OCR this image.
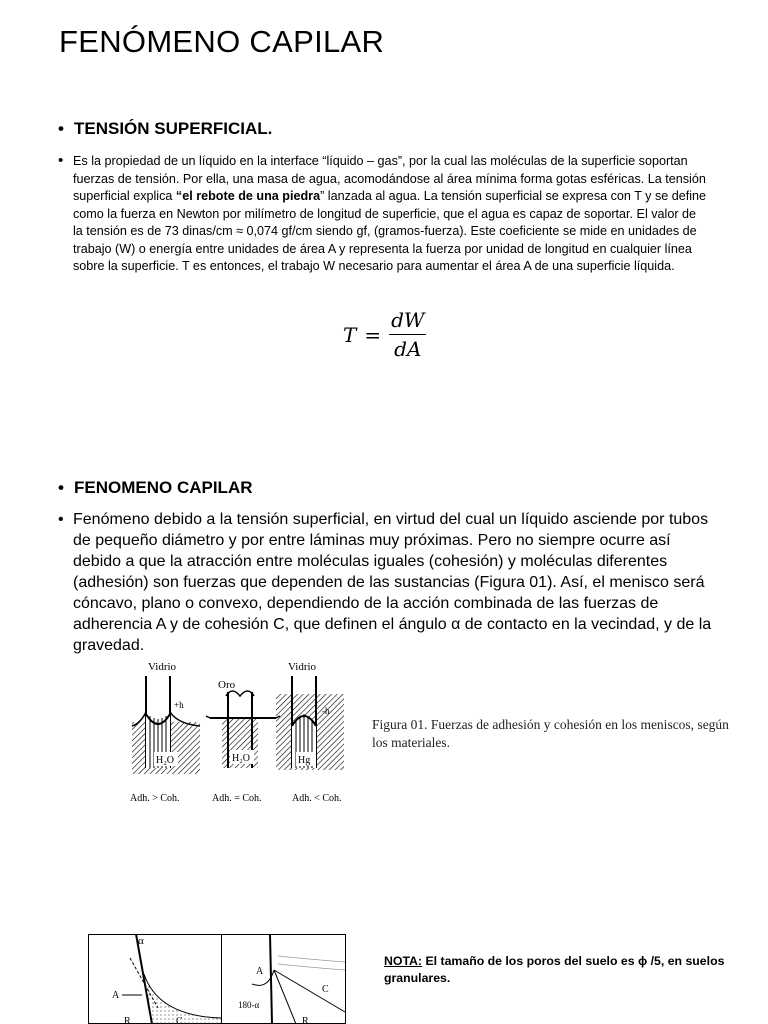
FENÓMENO CAPILAR
• TENSIÓN SUPERFICIAL.
• Es la propiedad de un líquido en la interface “líquido – gas”, por la cual las moléculas de la superficie soportan fuerzas de tensión. Por ella, una masa de agua, acomodándose al área mínima forma gotas esféricas. La tensión superficial explica “el rebote de una piedra” lanzada al agua. La tensión superficial se expresa con T y se define como la fuerza en Newton por milímetro de longitud de superficie, que el agua es capaz de soportar. El valor de la tensión es de 73 dinas/cm ≈ 0,074 gf/cm siendo gf, (gramos-fuerza). Este coeficiente se mide en unidades de trabajo (W) o energía entre unidades de área A y representa la fuerza por unidad de longitud en cualquier línea sobre la superficie. T es entonces, el trabajo W necesario para aumentar el área A de una superficie líquida.
$T = \frac{dW}{dA}$
• FENOMENO CAPILAR
• Fenómeno debido a la tensión superficial, en virtud del cual un líquido asciende por tubos de pequeño diámetro y por entre láminas muy próximas. Pero no siempre ocurre así debido a que la atracción entre moléculas iguales (cohesión) y moléculas diferentes (adhesión) son fuerzas que dependen de las sustancias (Figura 01). Así, el menisco será cóncavo, plano o convexo, dependiendo de la acción combinada de las fuerzas de adherencia A y de cohesión C, que definen el ángulo α de contacto en la vecindad, y de la gravedad.
Vidrio
+h
H₂O
Adh. > Coh.
Oro
H₂O
Adh. = Coh.
Vidrio
-h
Hg
Adh. < Coh.
Figura 01. Fuerzas de adhesión y cohesión en los meniscos, según los materiales.
α
A
R	C
A
C
R
180-α
NOTA: El tamaño de los poros del suelo es ϕ /5, en suelos granulares.
